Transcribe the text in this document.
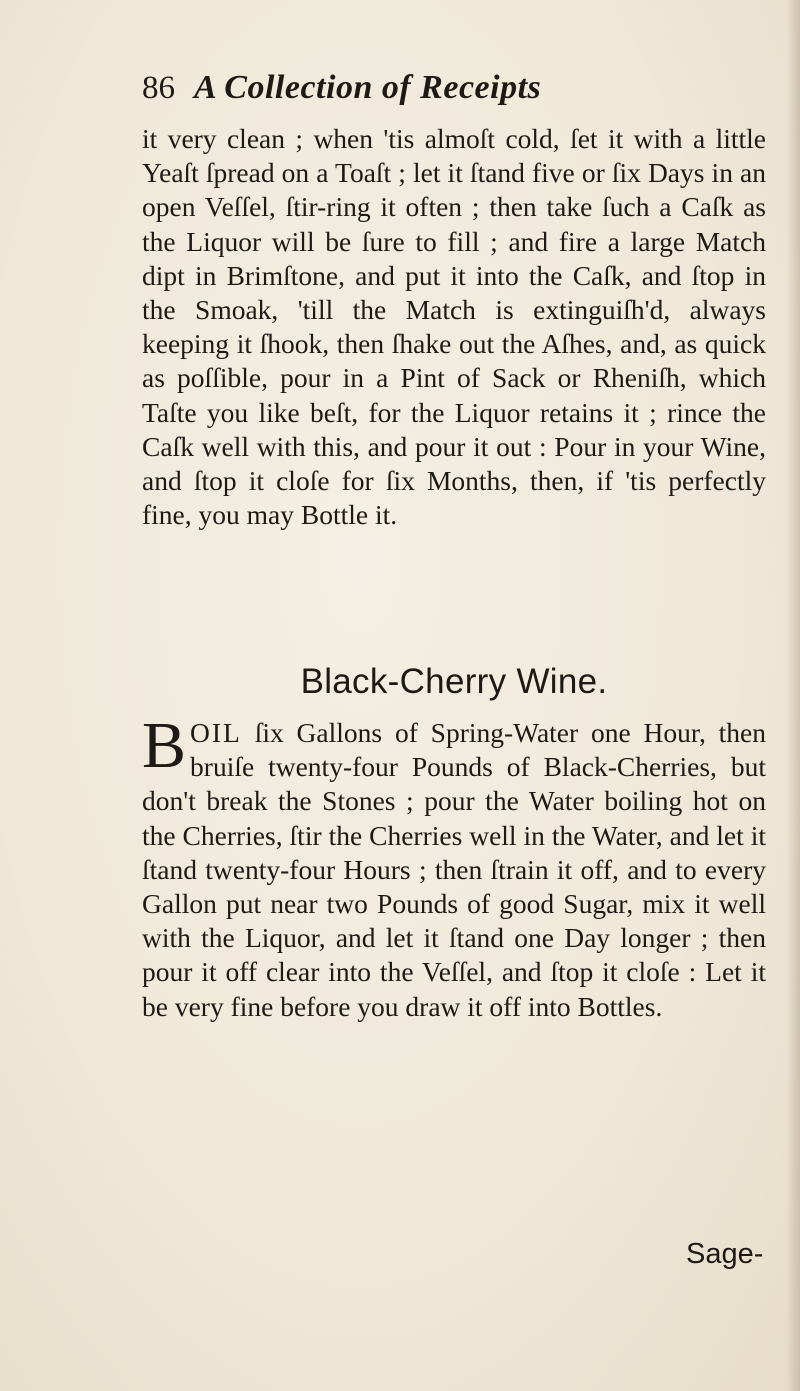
86 A Collection of Receipts

it very clean ; when 'tis almoſt cold, ſet it with a little Yeaſt ſpread on a Toaſt ; let it ſtand five or ſix Days in an open Veſſel, ſtir-ring it often ; then take ſuch a Caſk as the Liquor will be ſure to fill ; and fire a large Match dipt in Brimſtone, and put it into the Caſk, and ſtop in the Smoak, 'till the Match is extinguiſh'd, always keeping it ſhook, then ſhake out the Aſhes, and, as quick as poſſible, pour in a Pint of Sack or Rheniſh, which Taſte you like beſt, for the Liquor retains it ; rince the Caſk well with this, and pour it out : Pour in your Wine, and ſtop it cloſe for ſix Months, then, if 'tis perfectly fine, you may Bottle it.

Black-Cherry Wine.
BOIL ſix Gallons of Spring-Water one Hour, then bruiſe twenty-four Pounds of Black-Cherries, but don't break the Stones ; pour the Water boiling hot on the Cherries, ſtir the Cherries well in the Water, and let it ſtand twenty-four Hours ; then ſtrain it off, and to every Gallon put near two Pounds of good Sugar, mix it well with the Liquor, and let it ſtand one Day longer ; then pour it off clear into the Veſſel, and ſtop it cloſe : Let it be very fine before you draw it off into Bottles.
Sage-
